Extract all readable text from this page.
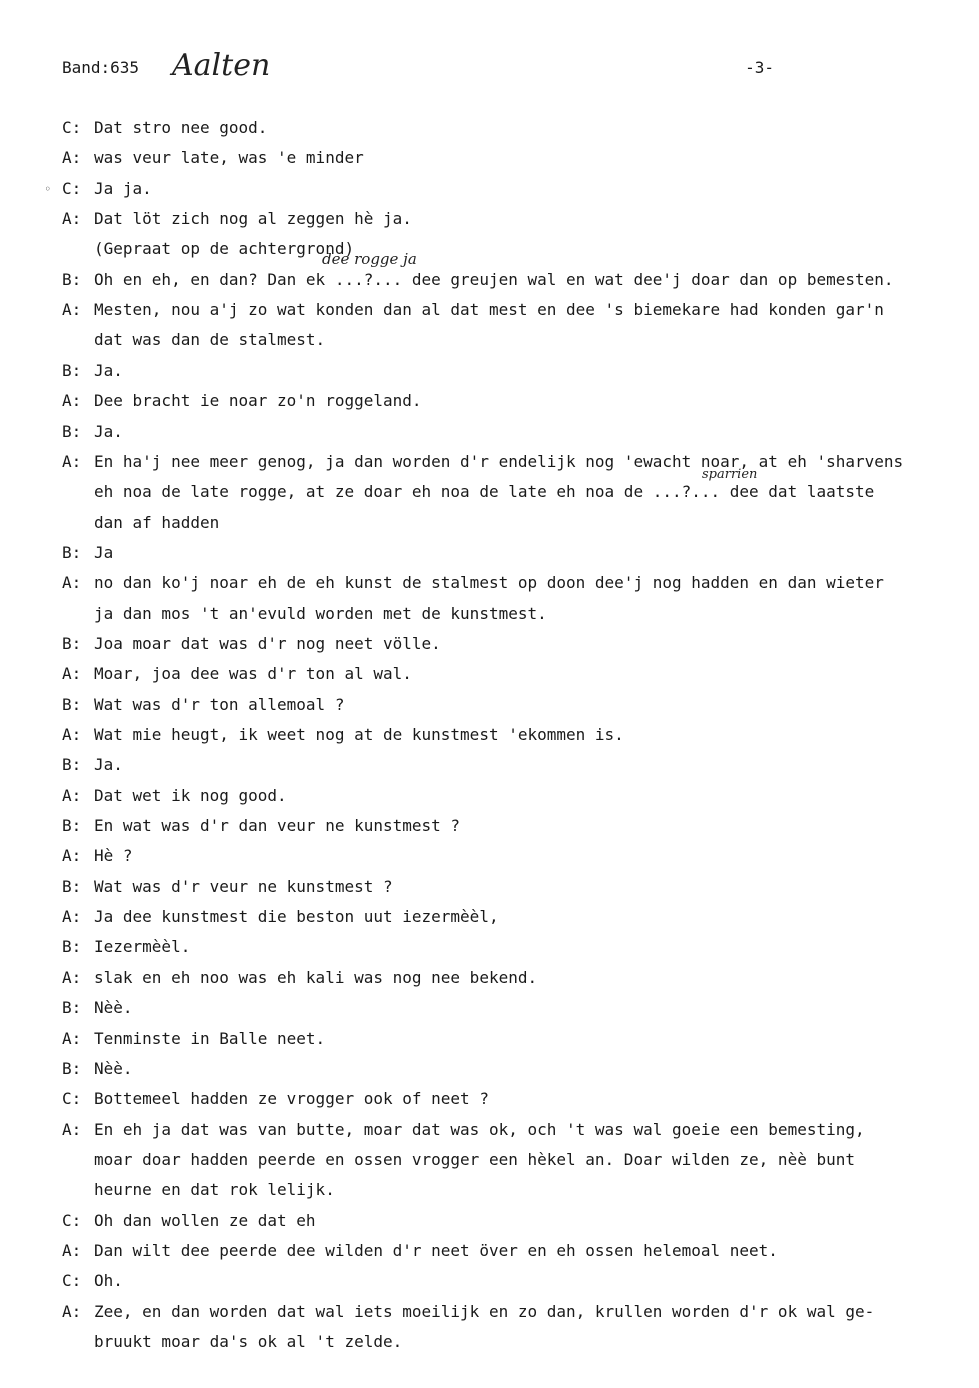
Band:635 Aalten	-3-
◦
C: Dat stro nee good.
A: was veur late, was 'e minder
C: Ja ja.
A: Dat löt zich nog al zeggen hè ja.
(Gepraat op de achtergrond)
B: Oh en eh, en dan? Dan ek ...?... dee greujen wal en wat dee'j doar dan op bemesten.
A: Mesten, nou a'j zo wat konden dan al dat mest en dee 's biemekare had konden gar'n
dat was dan de stalmest.
B: Ja.
A: Dee bracht ie noar zo'n roggeland.
B: Ja.
A: En ha'j nee meer genog, ja dan worden d'r endelijk nog 'ewacht noar, at eh 'sharvens
eh noa de late rogge, at ze doar eh noa de late eh noa de ...?... dee dat laatste
dan af hadden
B: Ja
A: no dan ko'j noar eh de eh kunst de stalmest op doon dee'j nog hadden en dan wieter
ja dan mos 't an'evuld worden met de kunstmest.
B: Joa moar dat was d'r nog neet völle.
A: Moar, joa dee was d'r ton al wal.
B: Wat was d'r ton allemoal ?
A: Wat mie heugt, ik weet nog at de kunstmest 'ekommen is.
B: Ja.
A: Dat wet ik nog good.
B: En wat was d'r dan veur ne kunstmest ?
A: Hè ?
B: Wat was d'r veur ne kunstmest ?
A: Ja dee kunstmest die beston uut iezermèèl,
B: Iezermèèl.
A: slak en eh noo was eh kali was nog nee bekend.
B: Nèè.
A: Tenminste in Balle neet.
B: Nèè.
C: Bottemeel hadden ze vrogger ook of neet ?
A: En eh ja dat was van butte, moar dat was ok, och 't was wal goeie een bemesting,
moar doar hadden peerde en ossen vrogger een hèkel an. Doar wilden ze, nèè bunt
heurne en dat rok lelijk.
C: Oh dan wollen ze dat eh
A: Dan wilt dee peerde dee wilden d'r neet över en eh ossen helemoal neet.
C: Oh.
A: Zee, en dan worden dat wal iets moeilijk en zo dan, krullen worden d'r ok wal ge-
bruukt moar da's ok al 't zelde.
dee rogge ja
sparrien
